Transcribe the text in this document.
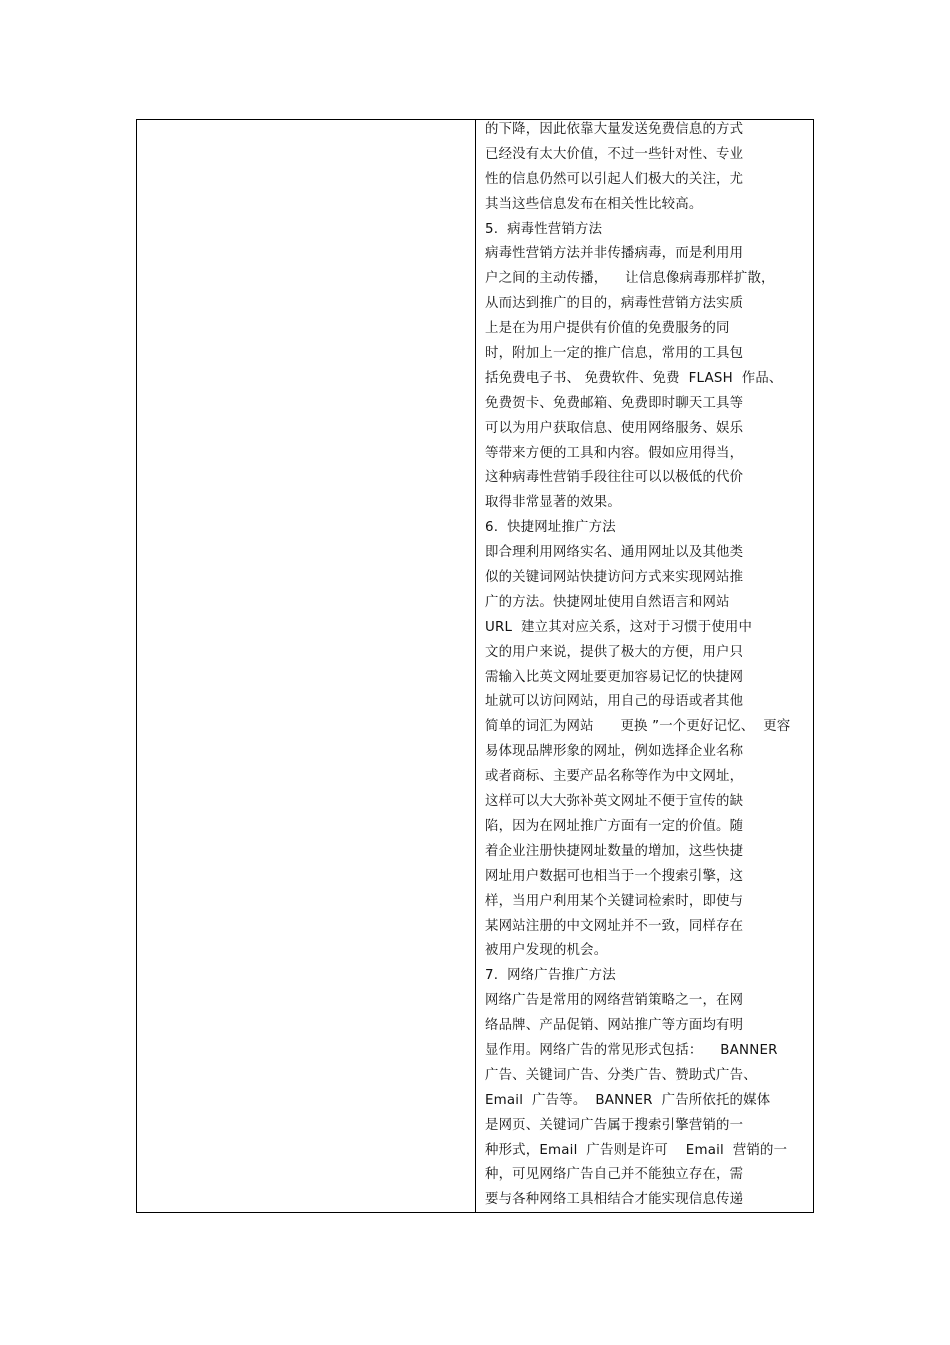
的下降，因此依靠大量发送免费信息的方式
已经没有太大价值，不过一些针对性、专业
性的信息仍然可以引起人们极大的关注，尤
其当这些信息发布在相关性比较高。
5.  病毒性营销方法
病毒性营销方法并非传播病毒，而是利用用
户之间的主动传播，    让信息像病毒那样扩散，
从而达到推广的目的，病毒性营销方法实质
上是在为用户提供有价值的免费服务的同
时，附加上一定的推广信息，常用的工具包
括免费电子书、 免费软件、免费  FLASH  作品、
免费贺卡、免费邮箱、免费即时聊天工具等
可以为用户获取信息、使用网络服务、娱乐
等带来方便的工具和内容。假如应用得当，
这种病毒性营销手段往往可以以极低的代价
取得非常显著的效果。
6.  快捷网址推广方法
即合理利用网络实名、通用网址以及其他类
似的关键词网站快捷访问方式来实现网站推
广的方法。快捷网址使用自然语言和网站
URL  建立其对应关系，这对于习惯于使用中
文的用户来说，提供了极大的方便，用户只
需输入比英文网址要更加容易记忆的快捷网
址就可以访问网站，用自己的母语或者其他
简单的词汇为网站      更换 ”一个更好记忆、  更容
易体现品牌形象的网址，例如选择企业名称
或者商标、主要产品名称等作为中文网址，
这样可以大大弥补英文网址不便于宣传的缺
陷，因为在网址推广方面有一定的价值。随
着企业注册快捷网址数量的增加，这些快捷
网址用户数据可也相当于一个搜索引擎，这
样，当用户利用某个关键词检索时，即使与
某网站注册的中文网址并不一致，同样存在
被用户发现的机会。
7.  网络广告推广方法
网络广告是常用的网络营销策略之一，在网
络品牌、产品促销、网站推广等方面均有明
显作用。网络广告的常见形式包括：    BANNER
广告、关键词广告、分类广告、赞助式广告、
Email  广告等。  BANNER  广告所依托的媒体
是网页、关键词广告属于搜索引擎营销的一
种形式，Email  广告则是许可    Email  营销的一
种，可见网络广告自己并不能独立存在，需
要与各种网络工具相结合才能实现信息传递
